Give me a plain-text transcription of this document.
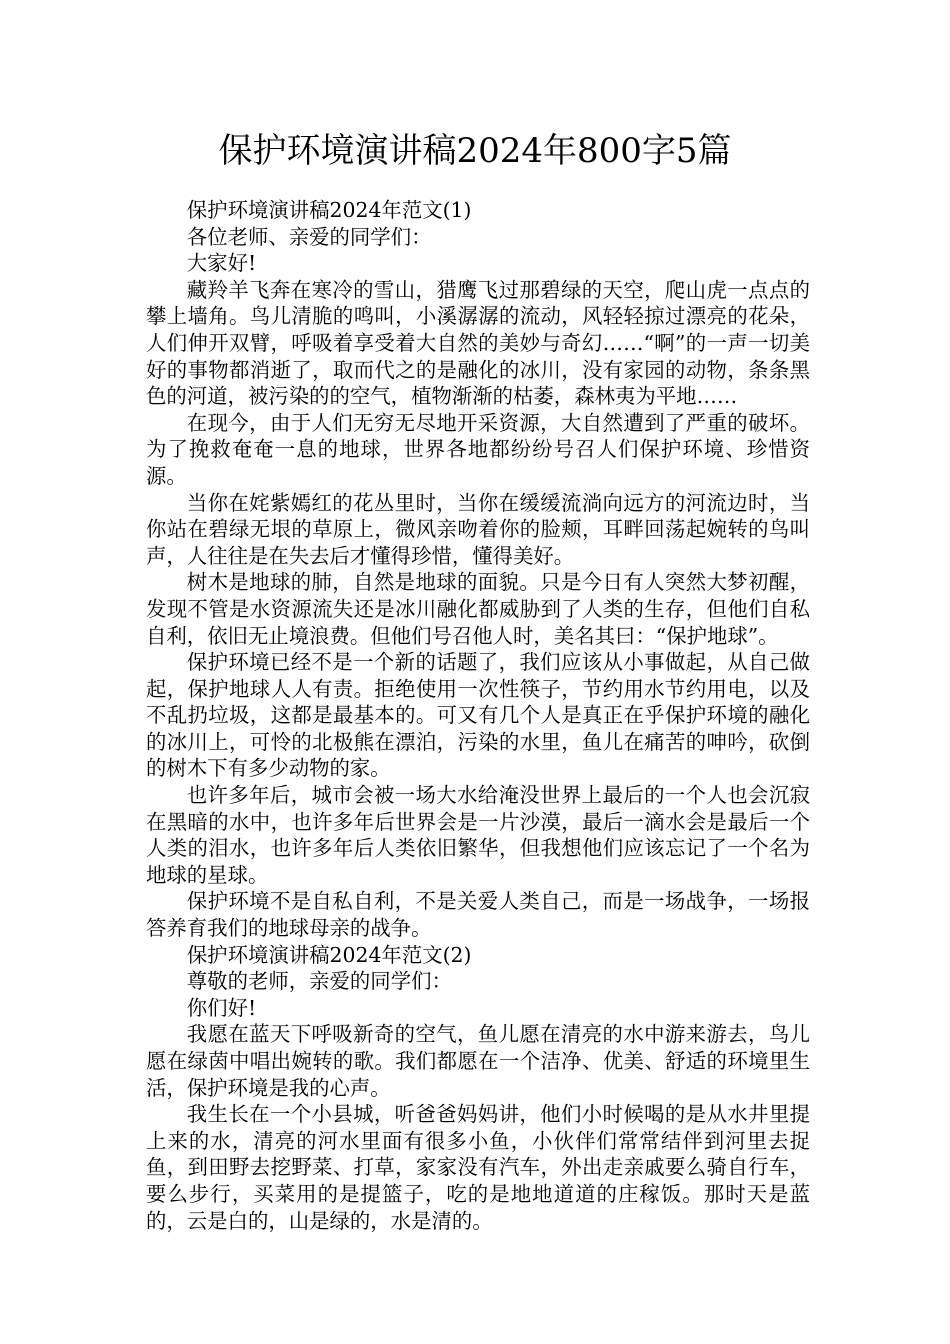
保护环境演讲稿2024年800字5篇

保护环境演讲稿2024年范文(1)

各位老师、亲爱的同学们：

大家好!

藏羚羊飞奔在寒冷的雪山，猎鹰飞过那碧绿的天空，爬山虎一点点的攀上墙角。鸟儿清脆的鸣叫，小溪潺潺的流动，风轻轻掠过漂亮的花朵，人们伸开双臂，呼吸着享受着大自然的美妙与奇幻……“啊”的一声一切美好的事物都消逝了，取而代之的是融化的冰川，没有家园的动物，条条黑色的河道，被污染的的空气，植物渐渐的枯萎，森林夷为平地……

在现今，由于人们无穷无尽地开采资源，大自然遭到了严重的破坏。为了挽救奄奄一息的地球，世界各地都纷纷号召人们保护环境、珍惜资源。

当你在姹紫嫣红的花丛里时，当你在缓缓流淌向远方的河流边时，当你站在碧绿无垠的草原上，微风亲吻着你的脸颊，耳畔回荡起婉转的鸟叫声，人往往是在失去后才懂得珍惜，懂得美好。

树木是地球的肺，自然是地球的面貌。只是今日有人突然大梦初醒，发现不管是水资源流失还是冰川融化都威胁到了人类的生存，但他们自私自利，依旧无止境浪费。但他们号召他人时，美名其曰：“保护地球”。

保护环境已经不是一个新的话题了，我们应该从小事做起，从自己做起，保护地球人人有责。拒绝使用一次性筷子，节约用水节约用电，以及不乱扔垃圾，这都是最基本的。可又有几个人是真正在乎保护环境的融化的冰川上，可怜的北极熊在漂泊，污染的水里，鱼儿在痛苦的呻吟，砍倒的树木下有多少动物的家。

也许多年后，城市会被一场大水给淹没世界上最后的一个人也会沉寂在黑暗的水中，也许多年后世界会是一片沙漠，最后一滴水会是最后一个人类的泪水，也许多年后人类依旧繁华，但我想他们应该忘记了一个名为地球的星球。

保护环境不是自私自利，不是关爱人类自己，而是一场战争，一场报答养育我们的地球母亲的战争。

保护环境演讲稿2024年范文(2)

尊敬的老师，亲爱的同学们：

你们好!

我愿在蓝天下呼吸新奇的空气，鱼儿愿在清亮的水中游来游去，鸟儿愿在绿茵中唱出婉转的歌。我们都愿在一个洁净、优美、舒适的环境里生活，保护环境是我的心声。

我生长在一个小县城，听爸爸妈妈讲，他们小时候喝的是从水井里提上来的水，清亮的河水里面有很多小鱼，小伙伴们常常结伴到河里去捉鱼，到田野去挖野菜、打草，家家没有汽车，外出走亲戚要么骑自行车，要么步行，买菜用的是提篮子，吃的是地地道道的庄稼饭。那时天是蓝的，云是白的，山是绿的，水是清的。
